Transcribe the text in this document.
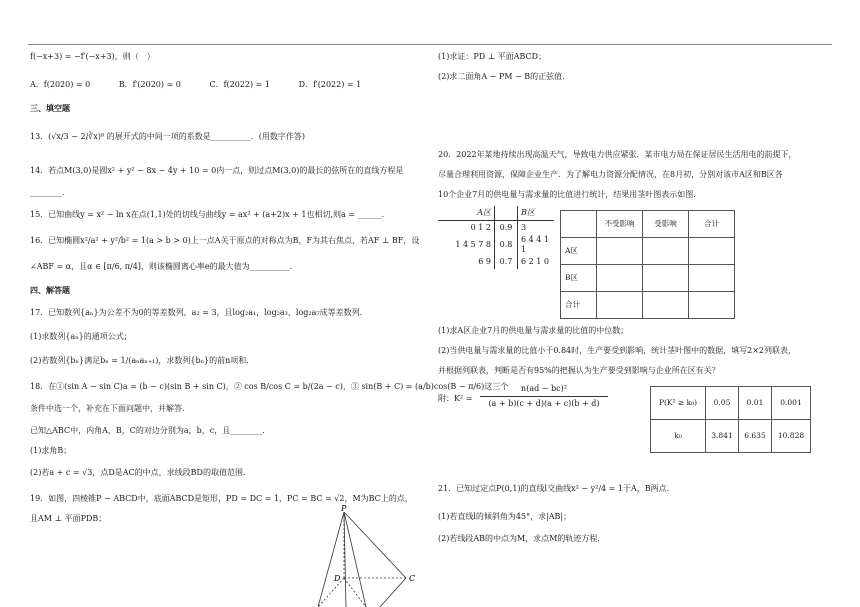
f(−x+3) = −f′(−x+3)，则（　）
A．f(2020) = 0	B．f′(2020) = 0	C．f(2022) = 1	D．f′(2022) = 1
三、填空题
13．(√x/3 − 2/∛x)⁸ 的展开式的中间一项的系数是__________．(用数字作答)
14．若点M(3,0)是圆x² + y² − 8x − 4y + 10 = 0内一点，则过点M(3,0)的最长的弦所在的直线方程是
________．
15．已知曲线y = x² − ln x在点(1,1)处的切线与曲线y = ax² + (a+2)x + 1也相切,则a = ______．
16．已知椭圆x²/a² + y²/b² = 1(a > b > 0)上一点A关于原点的对称点为B，F为其右焦点，若AF ⊥ BF，设
∠ABF = α，且α ∈ [π/6, π/4]，则该椭圆离心率e的最大值为__________．
四、解答题
17．已知数列{aₙ}为公差不为0的等差数列，a₂ = 3，且log₂a₁，log₂a₃，log₂a₇成等差数列．
(1)求数列{aₙ}的通项公式；
(2)若数列{bₙ}满足bₙ = 1/(aₙaₙ₊₁)，求数列{bₙ}的前n项和．
18．在①(sin A − sin C)a = (b − c)(sin B + sin C)，② cos B/cos C = b/(2a − c)，③ sin(B + C) = (a/b)cos(B − π/6)这三个
条件中选一个，补充在下面问题中，并解答．
已知△ABC中，内角A，B，C的对边分别为a，b，c，且________．
(1)求角B；
(2)若a + c = √3，点D是AC的中点，求线段BD的取值范围．
19．如图，四棱锥P − ABCD中，底面ABCD是矩形，PD = DC = 1，PC = BC = √2，M为BC上的点，
且AM ⊥ 平面PDB；
P
D	C
(1)求证：PD ⊥ 平面ABCD；
(2)求二面角A − PM − B的正弦值．
20．2022年某地持续出现高温天气，导致电力供应紧张．某市电力局在保证居民生活用电的前提下，
尽量合理利用资源，保障企业生产．为了解电力资源分配情况，在8月初，分别对该市A区和B区各
10个企业7月的供电量与需求量的比值进行统计，结果用茎叶图表示如图．
A区		B区
0 1 2	0.9	3
1 4 5 7 8	0.8	6 4 4 1 1
6 9	0.7	6 2 1 0
	不受影响	受影响	合计
A区			
B区			
合计			
(1)求A区企业7月的供电量与需求量的比值的中位数；
(2)当供电量与需求量的比值小于0.84时，生产要受到影响，统计茎叶图中的数据，填写2×2列联表，
并根据列联表，判断是否有95%的把握认为生产要受到影响与企业所在区有关？
附：$K^2 = \frac{\text{n(ad − bc)²}}{(a + b)(c + d)(a + c)(b + d)}$	P(K² ≥ k₀)	0.05	0.01	0.001
k₀	3.841	6.635	10.828
21．已知过定点P(0,1)的直线l交曲线x² − y²/4 = 1于A，B两点．
(1)若直线l的倾斜角为45°，求|AB|；
(2)若线段AB的中点为M，求点M的轨迹方程．
